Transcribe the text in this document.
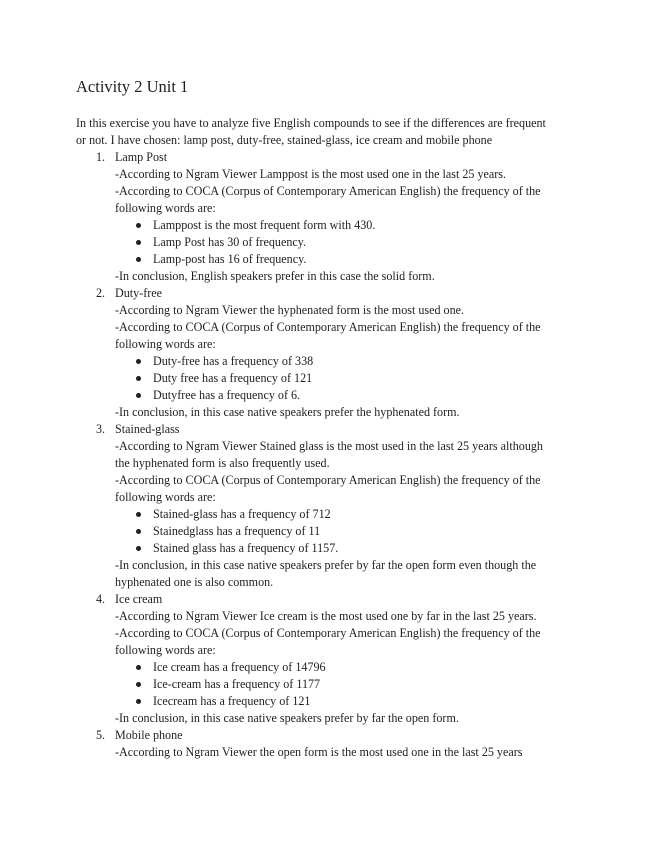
Activity 2 Unit 1
In this exercise you have to analyze five English compounds to see if the differences are frequent
or not. I have chosen: lamp post, duty-free, stained-glass, ice cream and mobile phone
1. Lamp Post
-According to Ngram Viewer Lamppost is the most used one in the last 25 years.
-According to COCA (Corpus of Contemporary American English) the frequency of the
following words are:
Lamppost is the most frequent form with 430.
Lamp Post has 30 of frequency.
Lamp-post has 16 of frequency.
-In conclusion, English speakers prefer in this case the solid form.
2. Duty-free
-According to Ngram Viewer the hyphenated form is the most used one.
-According to COCA (Corpus of Contemporary American English) the frequency of the
following words are:
Duty-free has a frequency of 338
Duty free has a frequency of 121
Dutyfree has a frequency of 6.
-In conclusion, in this case native speakers prefer the hyphenated form.
3. Stained-glass
-According to Ngram Viewer Stained glass is the most used in the last 25 years although
the hyphenated form is also frequently used.
-According to COCA (Corpus of Contemporary American English) the frequency of the
following words are:
Stained-glass has a frequency of 712
Stainedglass has a frequency of 11
Stained glass has a frequency of 1157.
-In conclusion, in this case native speakers prefer by far the open form even though the
hyphenated one is also common.
4. Ice cream
-According to Ngram Viewer Ice cream is the most used one by far in the last 25 years.
-According to COCA (Corpus of Contemporary American English) the frequency of the
following words are:
Ice cream has a frequency of 14796
Ice-cream has a frequency of 1177
Icecream has a frequency of 121
-In conclusion, in this case native speakers prefer by far the open form.
5. Mobile phone
-According to Ngram Viewer the open form is the most used one in the last 25 years
